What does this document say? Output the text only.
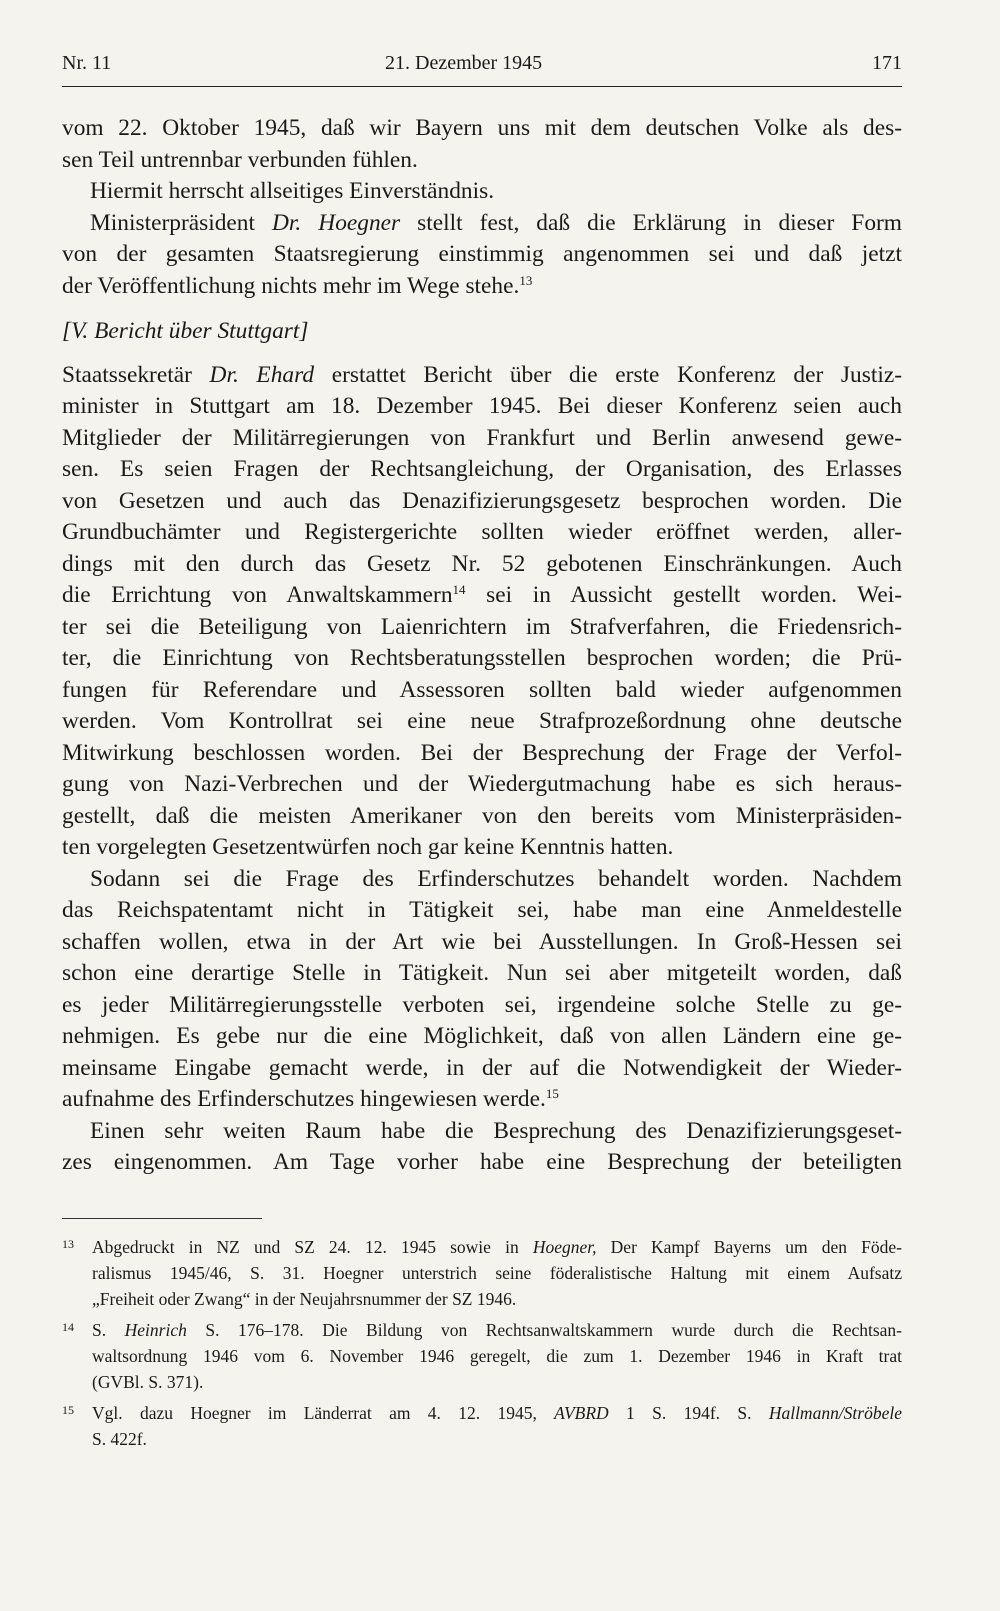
Nr. 11	21. Dezember 1945	171

vom 22. Oktober 1945, daß wir Bayern uns mit dem deutschen Volke als des-
sen Teil untrennbar verbunden fühlen.

Hiermit herrscht allseitiges Einverständnis.

Ministerpräsident Dr. Hoegner stellt fest, daß die Erklärung in dieser Form
von der gesamten Staatsregierung einstimmig angenommen sei und daß jetzt
der Veröffentlichung nichts mehr im Wege stehe.$^{13}$

[V. Bericht über Stuttgart]

Staatssekretär Dr. Ehard erstattet Bericht über die erste Konferenz der Justiz-
minister in Stuttgart am 18. Dezember 1945. Bei dieser Konferenz seien auch
Mitglieder der Militärregierungen von Frankfurt und Berlin anwesend gewe-
sen. Es seien Fragen der Rechtsangleichung, der Organisation, des Erlasses
von Gesetzen und auch das Denazifizierungsgesetz besprochen worden. Die
Grundbuchämter und Registergerichte sollten wieder eröffnet werden, aller-
dings mit den durch das Gesetz Nr. 52 gebotenen Einschränkungen. Auch
die Errichtung von Anwaltskammern$^{14}$ sei in Aussicht gestellt worden. Wei-
ter sei die Beteiligung von Laienrichtern im Strafverfahren, die Friedensrich-
ter, die Einrichtung von Rechtsberatungsstellen besprochen worden; die Prü-
fungen für Referendare und Assessoren sollten bald wieder aufgenommen
werden. Vom Kontrollrat sei eine neue Strafprozeßordnung ohne deutsche
Mitwirkung beschlossen worden. Bei der Besprechung der Frage der Verfol-
gung von Nazi-Verbrechen und der Wiedergutmachung habe es sich heraus-
gestellt, daß die meisten Amerikaner von den bereits vom Ministerpräsiden-
ten vorgelegten Gesetzentwürfen noch gar keine Kenntnis hatten.

Sodann sei die Frage des Erfinderschutzes behandelt worden. Nachdem
das Reichspatentamt nicht in Tätigkeit sei, habe man eine Anmeldestelle
schaffen wollen, etwa in der Art wie bei Ausstellungen. In Groß-Hessen sei
schon eine derartige Stelle in Tätigkeit. Nun sei aber mitgeteilt worden, daß
es jeder Militärregierungsstelle verboten sei, irgendeine solche Stelle zu ge-
nehmigen. Es gebe nur die eine Möglichkeit, daß von allen Ländern eine ge-
meinsame Eingabe gemacht werde, in der auf die Notwendigkeit der Wieder-
aufnahme des Erfinderschutzes hingewiesen werde.$^{15}$

Einen sehr weiten Raum habe die Besprechung des Denazifizierungsgeset-
zes eingenommen. Am Tage vorher habe eine Besprechung der beteiligten

13 Abgedruckt in NZ und SZ 24. 12. 1945 sowie in Hoegner, Der Kampf Bayerns um den Föde-
ralismus 1945/46, S. 31. Hoegner unterstrich seine föderalistische Haltung mit einem Aufsatz
„Freiheit oder Zwang“ in der Neujahrsnummer der SZ 1946.
14 S. Heinrich S. 176–178. Die Bildung von Rechtsanwaltskammern wurde durch die Rechtsan-
waltsordnung 1946 vom 6. November 1946 geregelt, die zum 1. Dezember 1946 in Kraft trat
(GVBl. S. 371).
15 Vgl. dazu Hoegner im Länderrat am 4. 12. 1945, AVBRD 1 S. 194f. S. Hallmann/Ströbele
S. 422f.
